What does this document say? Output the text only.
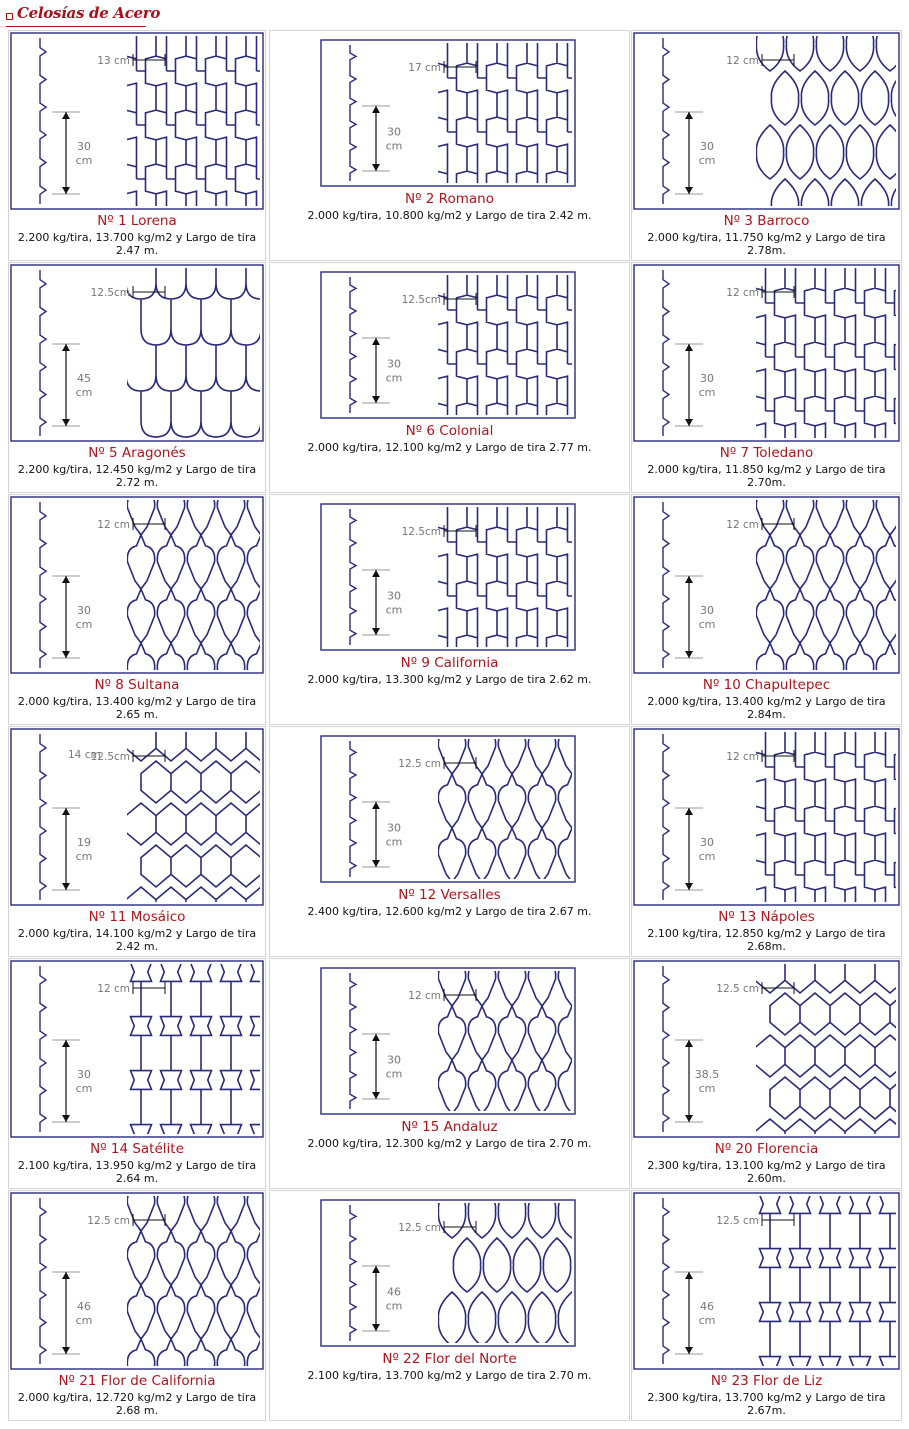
Celosías de Acero
30 cm
13 cm
Nº 1 Lorena
2.200 kg/tira, 13.700 kg/m2 y Largo de tira 2.47 m.
30 cm
17 cm
Nº 2 Romano
2.000 kg/tira, 10.800 kg/m2 y Largo de tira 2.42 m.
30 cm
12 cm
Nº 3 Barroco
2.000 kg/tira, 11.750 kg/m2 y Largo de tira 2.78m.
45 cm
12.5cm
Nº 5 Aragonés
2.200 kg/tira, 12.450 kg/m2 y Largo de tira 2.72 m.
30 cm
12.5cm
Nº 6 Colonial
2.000 kg/tira, 12.100 kg/m2 y Largo de tira 2.77 m.
30 cm
12 cm
Nº 7 Toledano
2.000 kg/tira, 11.850 kg/m2 y Largo de tira 2.70m.
30 cm
12 cm
Nº 8 Sultana
2.000 kg/tira, 13.400 kg/m2 y Largo de tira 2.65 m.
30 cm
12.5cm
Nº 9 California
2.000 kg/tira, 13.300 kg/m2 y Largo de tira 2.62 m.
30 cm
12 cm
Nº 10 Chapultepec
2.000 kg/tira, 13.400 kg/m2 y Largo de tira 2.84m.
19 cm
12.5cm
14 cm
Nº 11 Mosáico
2.000 kg/tira, 14.100 kg/m2 y Largo de tira 2.42 m.
30 cm
12.5 cm
Nº 12 Versalles
2.400 kg/tira, 12.600 kg/m2 y Largo de tira 2.67 m.
30 cm
12 cm
Nº 13 Nápoles
2.100 kg/tira, 12.850 kg/m2 y Largo de tira 2.68m.
30 cm
12 cm
Nº 14 Satélite
2.100 kg/tira, 13.950 kg/m2 y Largo de tira 2.64 m.
30 cm
12 cm
Nº 15 Andaluz
2.000 kg/tira, 12.300 kg/m2 y Largo de tira 2.70 m.
38.5 cm
12.5 cm
Nº 20 Florencia
2.300 kg/tira, 13.100 kg/m2 y Largo de tira 2.60m.
46 cm
12.5 cm
Nº 21 Flor de California
2.000 kg/tira, 12.720 kg/m2 y Largo de tira 2.68 m.
46 cm
12.5 cm
Nº 22 Flor del Norte
2.100 kg/tira, 13.700 kg/m2 y Largo de tira 2.70 m.
46 cm
12.5 cm
Nº 23 Flor de Liz
2.300 kg/tira, 13.700 kg/m2 y Largo de tira 2.67m.
